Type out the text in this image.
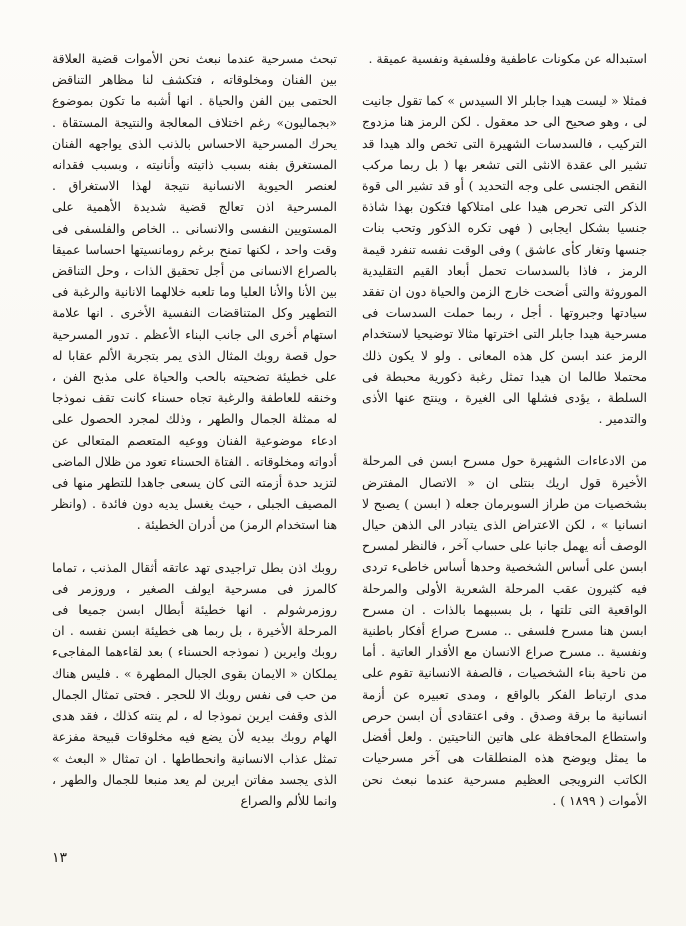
استبداله عن مكونات عاطفية وفلسفية ونفسية عميقة .

فمثلا « ليست هيدا جابلر الا السيدس » كما تقول جانيت لى ، وهو صحيح الى حد معقول . لكن الرمز هنا مزدوج التركيب ، فالسدسات الشهيرة التى تخص والد هيدا قد تشير الى عقدة الانثى التى تشعر بها ( بل ربما مركب النقص الجنسى على وجه التحديد ) أو قد تشير الى قوة الذكر التى تحرص هيدا على امتلاكها فتكون بهذا شاذة جنسيا بشكل ايجابى ( فهى تكره الذكور وتحب بنات جنسها وتغار كأى عاشق ) وفى الوقت نفسه تنفرد قيمة الرمز ، فاذا بالسدسات تحمل أبعاد القيم التقليدية الموروثة والتى أضحت خارج الزمن والحياة دون ان تفقد سيادتها وجبروتها . أجل ، ربما حملت السدسات فى مسرحية هيدا جابلر التى اخترتها مثالا توضيحيا لاستخدام الرمز عند ابسن كل هذه المعانى . ولو لا يكون ذلك محتملا طالما ان هيدا تمثل رغبة ذكورية محبطة فى السلطة ، يؤدى فشلها الى الغيرة ، وينتج عنها الأذى والتدمير .

من الادعاءات الشهيرة حول مسرح ابسن فى المرحلة الأخيرة قول اريك بنتلى ان « الاتصال المفترض بشخصيات من طراز السوبرمان جعله ( ابسن ) يصبح لا انسانيا » ، لكن الاعتراض الذى يتبادر الى الذهن حيال الوصف أنه يهمل جانبا على حساب آخر ، فالنظر لمسرح ابسن على أساس الشخصية وحدها أساس خاطىء تردى فيه كثيرون عقب المرحلة الشعرية الأولى والمرحلة الواقعية التى تلتها ، بل بسببهما بالذات . ان مسرح ابسن هنا مسرح فلسفى .. مسرح صراع أفكار باطنية ونفسية .. مسرح صراع الانسان مع الأقدار العاتية . أما من ناحية بناء الشخصيات ، فالصفة الانسانية تقوم على مدى ارتباط الفكر بالواقع ، ومدى تعبيره عن أزمة انسانية ما برقة وصدق . وفى اعتقادى أن ابسن حرص واستطاع المحافظة على هاتين الناحيتين . ولعل أفضل ما يمثل ويوضح هذه المنطلقات هى آخر مسرحيات الكاتب النرويجى العظيم مسرحية عندما نبعث نحن الأموات ( ١٨٩٩ ) .

تبحث مسرحية عندما نبعث نحن الأموات قضية العلاقة بين الفنان ومخلوقاته ، فتكشف لنا مظاهر التناقض الحتمى بين الفن والحياة . انها أشبه ما تكون بموضوع «بجماليون» رغم اختلاف المعالجة والنتيجة المستقاة . يحرك المسرحية الاحساس بالذنب الذى يواجهه الفنان المستغرق بفنه بسبب ذاتيته وأنانيته ، وبسبب فقدانه لعنصر الحيوية الانسانية نتيجة لهذا الاستغراق . المسرحية اذن تعالج قضية شديدة الأهمية على المستويين النفسى والانسانى .. الخاص والفلسفى فى وقت واحد ، لكنها تمنح برغم رومانسيتها احساسا عميقا بالصراع الانسانى من أجل تحقيق الذات ، وحل التناقض بين الأنا والأنا العليا وما تلعبه خلالهما الانانية والرغبة فى التطهير وكل المتناقضات النفسية الأخرى . انها علامة استهام أخرى الى جانب البناء الأعظم . تدور المسرحية حول قصة روبك المثال الذى يمر بتجربة الألم عقابا له على خطيئة تضحيته بالحب والحياة على مذبح الفن ، وخنقه للعاطفة والرغبة تجاه حسناء كانت تقف نموذجا له ممثلة الجمال والطهر ، وذلك لمجرد الحصول على ادعاء موضوعية الفنان ووعيه المتعصم المتعالى عن أدواته ومخلوقاته . الفتاة الحسناء تعود من ظلال الماضى لتزيد حدة أزمته التى كان يسعى جاهدا للتطهر منها فى المصيف الجبلى ، حيث يغسل يديه دون فائدة . (وانظر هنا استخدام الرمز) من أدران الخطيئة .

روبك اذن بطل تراجيدى تهد عاتقه أثقال المذنب ، تماما كالمرز فى مسرحية ايولف الصغير ، وروزمر فى روزمرشولم . انها خطيئة أبطال ابسن جميعا فى المرحلة الأخيرة ، بل ربما هى خطيئة ابسن نفسه . ان روبك وايرين ( نموذجه الحسناء ) بعد لقاءهما المفاجىء يملكان « الايمان بقوى الجبال المطهرة » . فليس هناك من حب فى نفس روبك الا للحجر . فحتى تمثال الجمال الذى وقفت ايرين نموذجا له ، لم ينته كذلك ، فقد هدى الهام روبك بيديه لأن يضع فيه مخلوقات قبيحة مفزعة تمثل عذاب الانسانية وانحطاطها . ان تمثال « البعث » الذى يجسد مفاتن ايرين لم يعد منبعا للجمال والطهر ، وانما للألم والصراع

١٣
